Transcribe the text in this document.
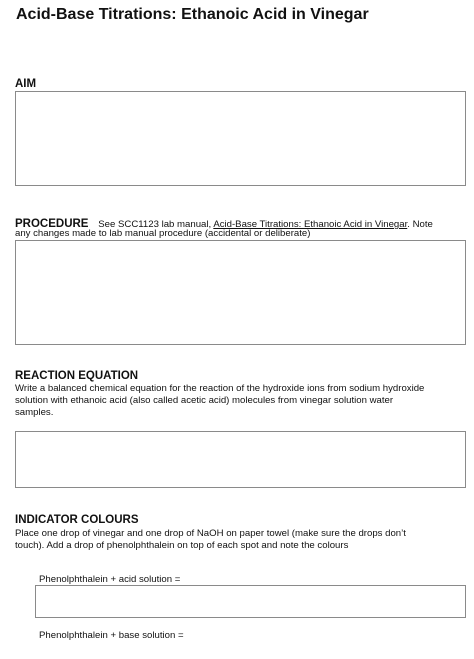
Acid-Base Titrations: Ethanoic Acid in Vinegar
AIM
PROCEDURE See SCC1123 lab manual, Acid-Base Titrations: Ethanoic Acid in Vinegar. Note
any changes made to lab manual procedure (accidental or deliberate)
REACTION EQUATION
Write a balanced chemical equation for the reaction of the hydroxide ions from sodium hydroxide
solution with ethanoic acid (also called acetic acid) molecules from vinegar solution water
samples.
INDICATOR COLOURS
Place one drop of vinegar and one drop of NaOH on paper towel (make sure the drops don’t
touch). Add a drop of phenolphthalein on top of each spot and note the colours
Phenolphthalein + acid solution =
Phenolphthalein + base solution =
